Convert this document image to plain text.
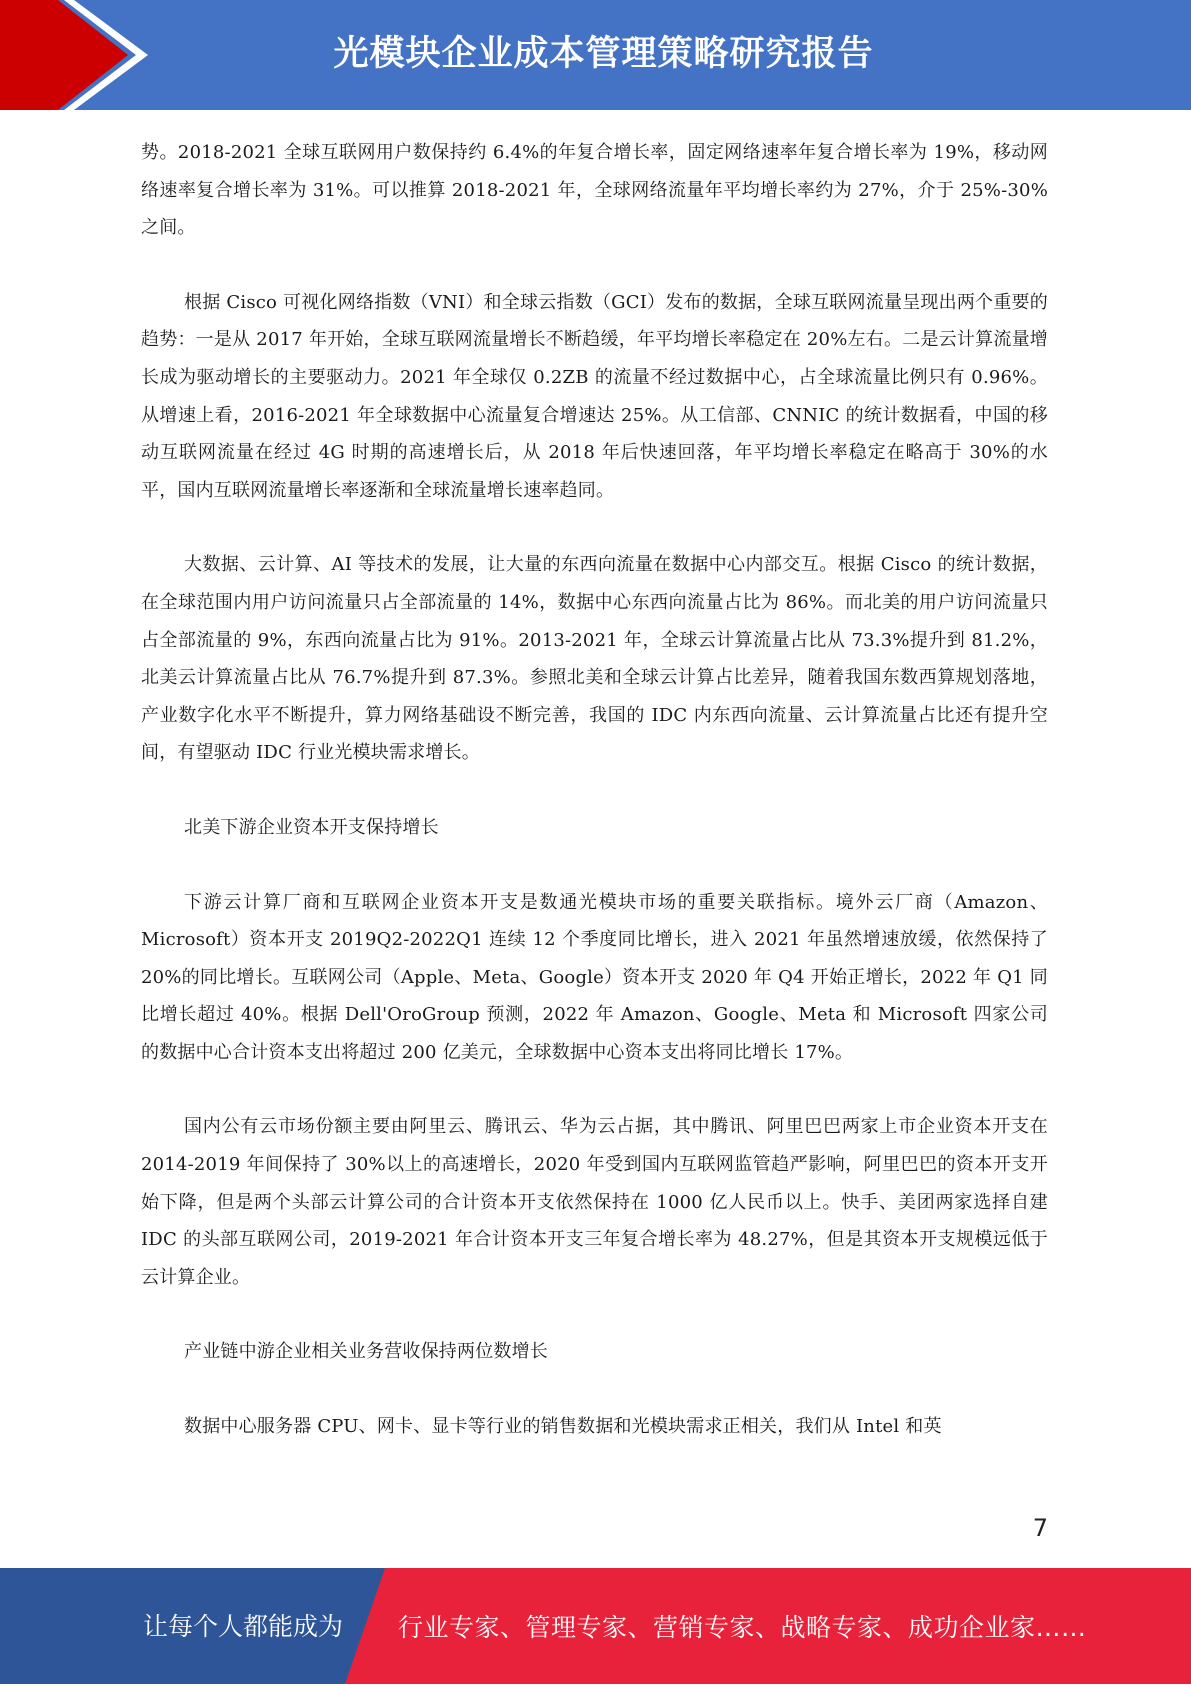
光模块企业成本管理策略研究报告

势。2018-2021 全球互联网用户数保持约 6.4%的年复合增长率，固定网络速率年复合增长率为 19%，移动网络速率复合增长率为 31%。可以推算 2018-2021 年，全球网络流量年平均增长率约为 27%，介于 25%-30%之间。

根据 Cisco 可视化网络指数（VNI）和全球云指数（GCI）发布的数据，全球互联网流量呈现出两个重要的趋势：一是从 2017 年开始，全球互联网流量增长不断趋缓，年平均增长率稳定在 20%左右。二是云计算流量增长成为驱动增长的主要驱动力。2021 年全球仅 0.2ZB 的流量不经过数据中心，占全球流量比例只有 0.96%。从增速上看，2016-2021 年全球数据中心流量复合增速达 25%。从工信部、CNNIC 的统计数据看，中国的移动互联网流量在经过 4G 时期的高速增长后，从 2018 年后快速回落，年平均增长率稳定在略高于 30%的水平，国内互联网流量增长率逐渐和全球流量增长速率趋同。

大数据、云计算、AI 等技术的发展，让大量的东西向流量在数据中心内部交互。根据 Cisco 的统计数据，在全球范围内用户访问流量只占全部流量的 14%，数据中心东西向流量占比为 86%。而北美的用户访问流量只占全部流量的 9%，东西向流量占比为 91%。2013-2021 年，全球云计算流量占比从 73.3%提升到 81.2%，北美云计算流量占比从 76.7%提升到 87.3%。参照北美和全球云计算占比差异，随着我国东数西算规划落地，产业数字化水平不断提升，算力网络基础设不断完善，我国的 IDC 内东西向流量、云计算流量占比还有提升空间，有望驱动 IDC 行业光模块需求增长。

北美下游企业资本开支保持增长

下游云计算厂商和互联网企业资本开支是数通光模块市场的重要关联指标。境外云厂商（Amazon、Microsoft）资本开支 2019Q2-2022Q1 连续 12 个季度同比增长，进入 2021 年虽然增速放缓，依然保持了 20%的同比增长。互联网公司（Apple、Meta、Google）资本开支 2020 年 Q4 开始正增长，2022 年 Q1 同比增长超过 40%。根据 Dell'OroGroup 预测，2022 年 Amazon、Google、Meta 和 Microsoft 四家公司的数据中心合计资本支出将超过 200 亿美元，全球数据中心资本支出将同比增长 17%。

国内公有云市场份额主要由阿里云、腾讯云、华为云占据，其中腾讯、阿里巴巴两家上市企业资本开支在 2014-2019 年间保持了 30%以上的高速增长，2020 年受到国内互联网监管趋严影响，阿里巴巴的资本开支开始下降，但是两个头部云计算公司的合计资本开支依然保持在 1000 亿人民币以上。快手、美团两家选择自建 IDC 的头部互联网公司，2019-2021 年合计资本开支三年复合增长率为 48.27%，但是其资本开支规模远低于云计算企业。

产业链中游企业相关业务营收保持两位数增长

数据中心服务器 CPU、网卡、显卡等行业的销售数据和光模块需求正相关，我们从 Intel 和英

7
让每个人都能成为 行业专家、管理专家、营销专家、战略专家、成功企业家……
